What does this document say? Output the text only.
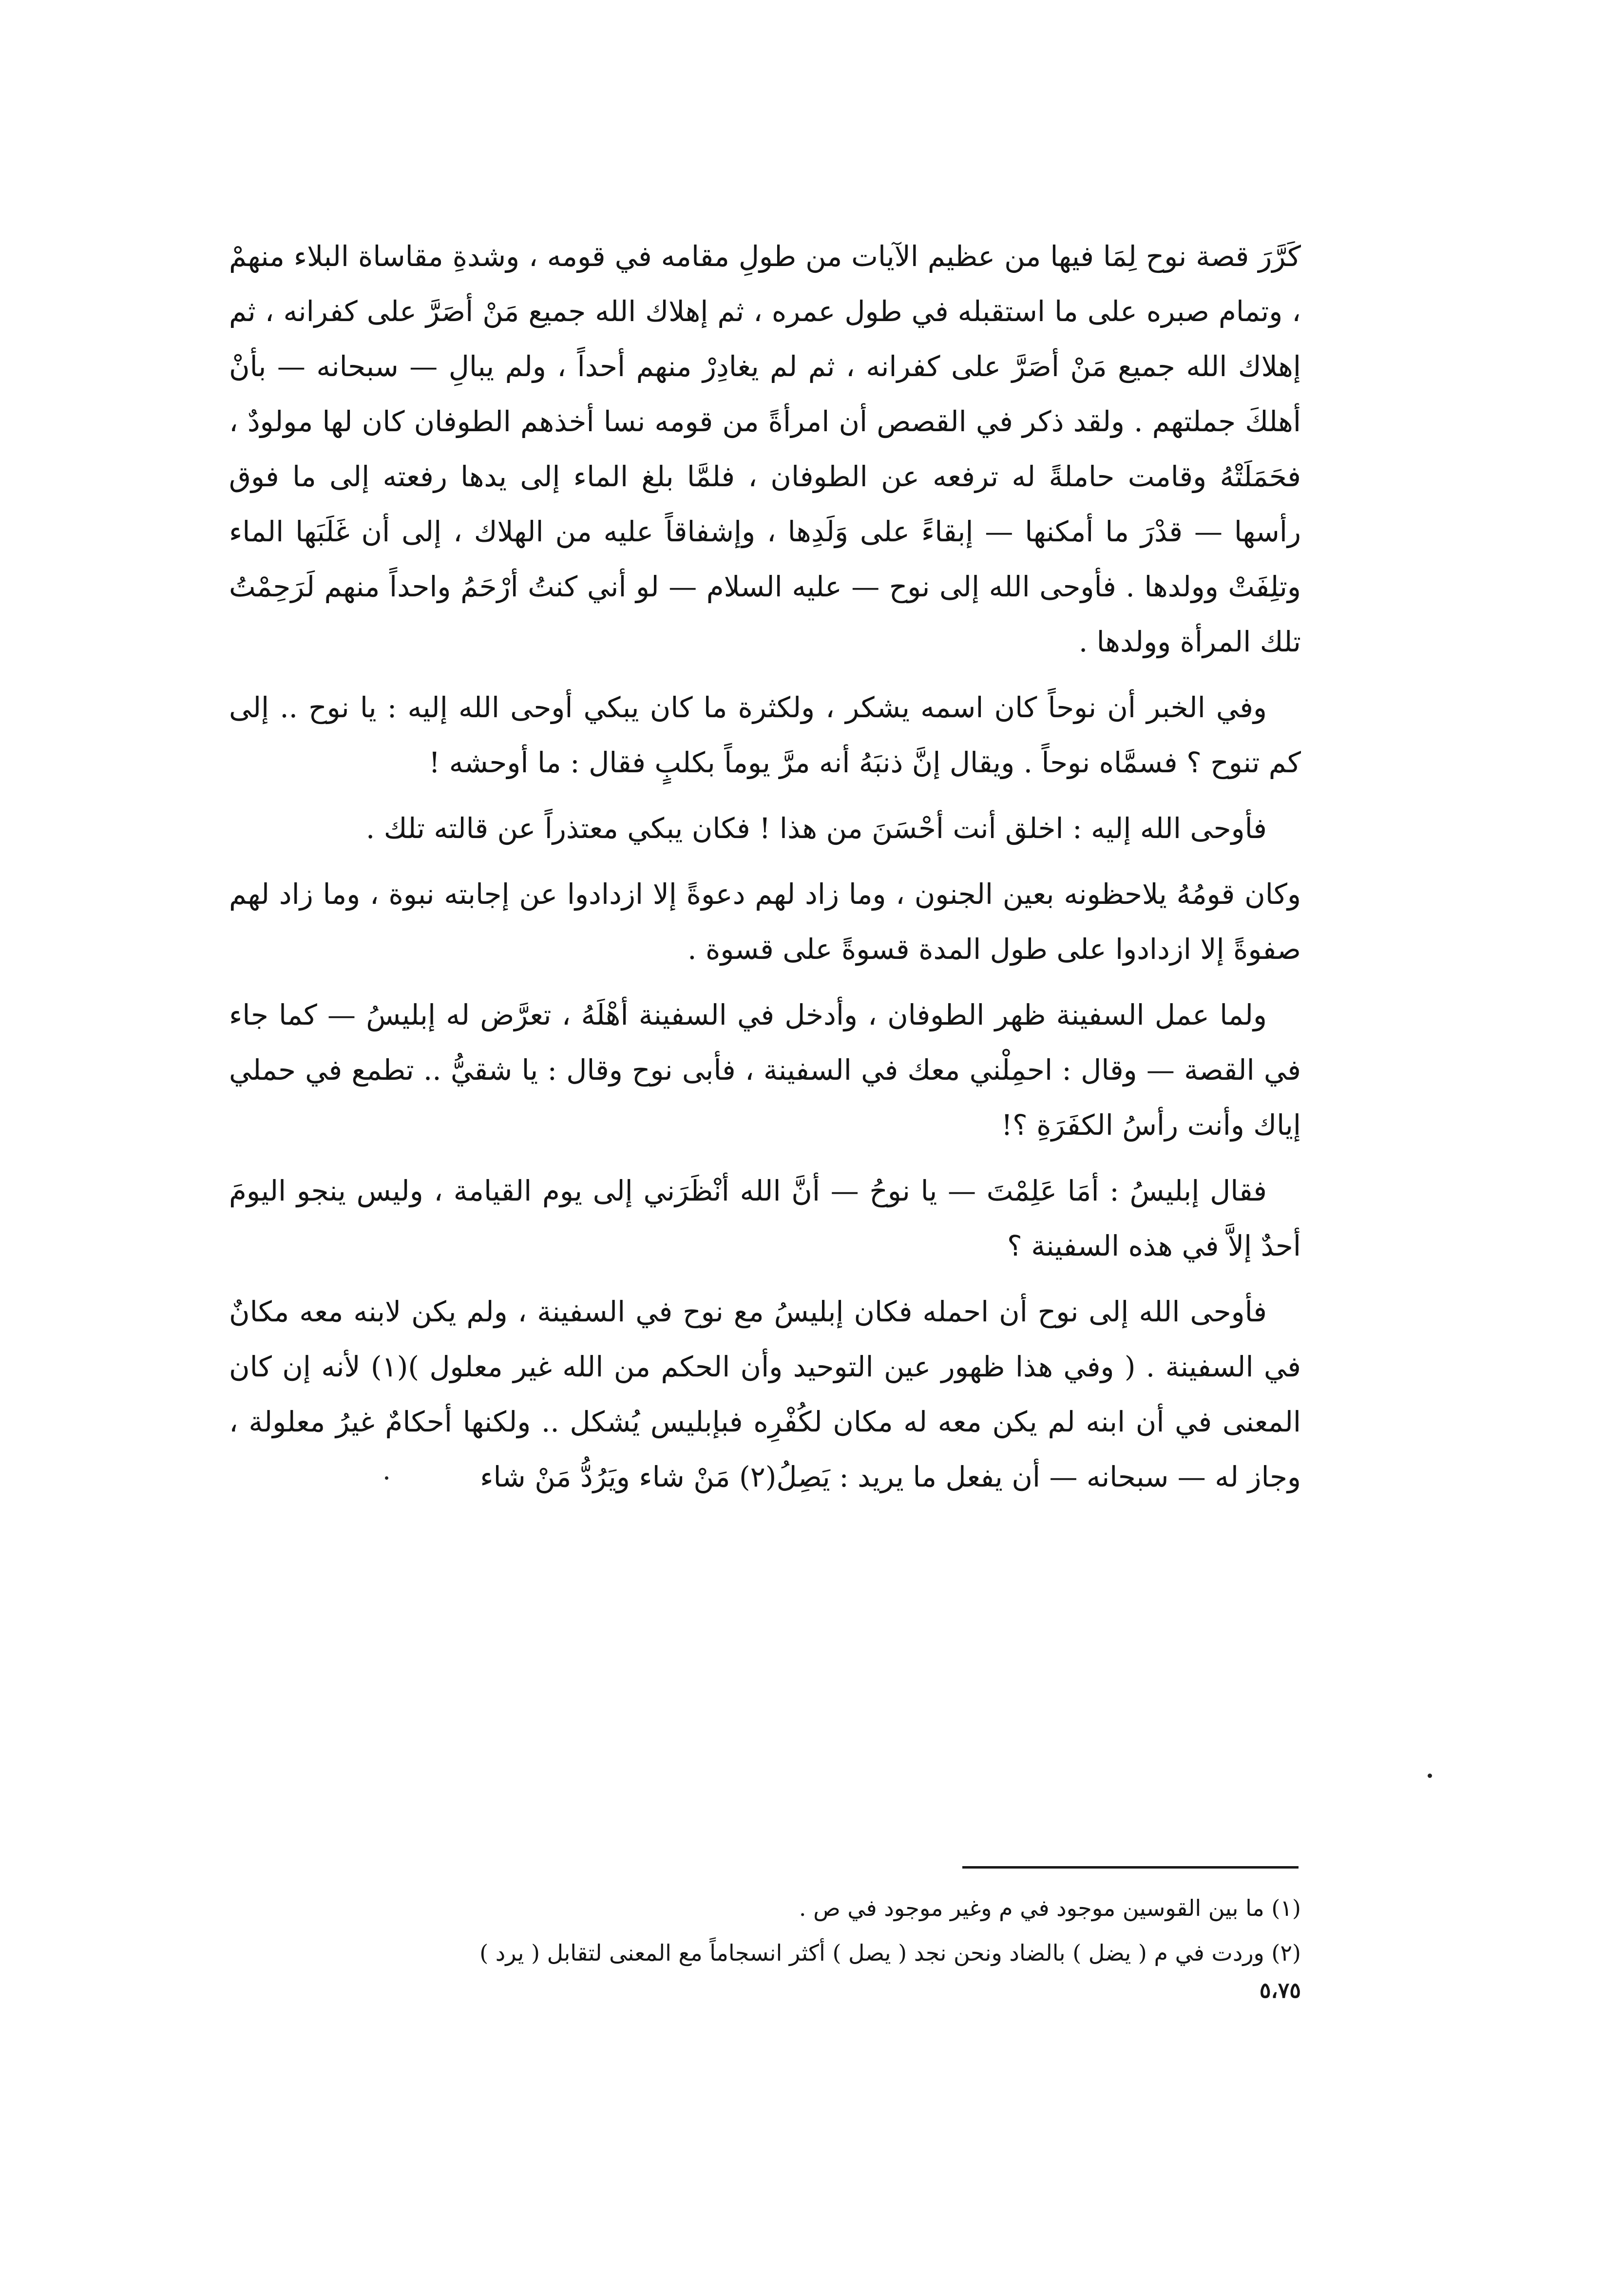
كَرَّرَ قصة نوح لِمَا فيها من عظيم الآيات من طولِ مقامه في قومه ، وشدةِ مقاساة البلاء منهمْ ، وتمام صبره على ما استقبله في طول عمره ، ثم إهلاك الله جميع مَنْ أصَرَّ على كفرانه ، ثم إهلاك الله جميع مَنْ أصَرَّ على كفرانه ، ثم لم يغادِرْ منهم أحداً ، ولم يبالِ — سبحانه — بأنْ أهلكَ جملتهم . ولقد ذكر في القصص أن امرأةً من قومه نسا أخذهم الطوفان كان لها مولودٌ ، فحَمَلَتْهُ وقامت حاملةً له ترفعه عن الطوفان ، فلمَّا بلغ الماء إلى يدها رفعته إلى ما فوق رأسها — قدْرَ ما أمكنها — إبقاءً على وَلَدِها ، وإشفاقاً عليه من الهلاك ، إلى أن غَلَبَها الماء وتلِفَتْ وولدها . فأوحى الله إلى نوح — عليه السلام — لو أني كنتُ أرْحَمُ واحداً منهم لَرَحِمْتُ تلك المرأة وولدها .

وفي الخبر أن نوحاً كان اسمه يشكر ، ولكثرة ما كان يبكي أوحى الله إليه : يا نوح .. إلى كم تنوح ؟ فسمَّاه نوحاً . ويقال إنَّ ذنبَهُ أنه مرَّ يوماً بكلبٍ فقال : ما أوحشه !

فأوحى الله إليه : اخلق أنت أحْسَنَ من هذا ! فكان يبكي معتذراً عن قالته تلك .

وكان قومُهُ يلاحظونه بعين الجنون ، وما زاد لهم دعوةً إلا ازدادوا عن إجابته نبوة ، وما زاد لهم صفوةً إلا ازدادوا على طول المدة قسوةً على قسوة .

ولما عمل السفينة ظهر الطوفان ، وأدخل في السفينة أهْلَهُ ، تعرَّض له إبليسُ — كما جاء في القصة — وقال : احمِلْني معك في السفينة ، فأبى نوح وقال : يا شقيُّ .. تطمع في حملي إياك وأنت رأسُ الكفَرَةِ ؟!

فقال إبليسُ : أمَا عَلِمْتَ — يا نوحُ — أنَّ الله أنْظَرَني إلى يوم القيامة ، وليس ينجو اليومَ أحدٌ إلاَّ في هذه السفينة ؟

فأوحى الله إلى نوح أن احمله فكان إبليسُ مع نوح في السفينة ، ولم يكن لابنه معه مكانٌ في السفينة . ( وفي هذا ظهور عين التوحيد وأن الحكم من الله غير معلول )(١) لأنه إن كان المعنى في أن ابنه لم يكن معه له مكان لكُفْرِه فبإبليس يُشكل .. ولكنها أحكامٌ غيرُ معلولة ، وجاز له — سبحانه — أن يفعل ما يريد : يَصِلُ(٢) مَنْ شاء ويَرُدُّ مَنْ شاء

(١) ما بين القوسين موجود في م وغير موجود في ص .

(٢) وردت في م ( يضل ) بالضاد ونحن نجد ( يصل ) أكثر انسجاماً مع المعنى لتقابل ( يرد )

٥،٧٥
